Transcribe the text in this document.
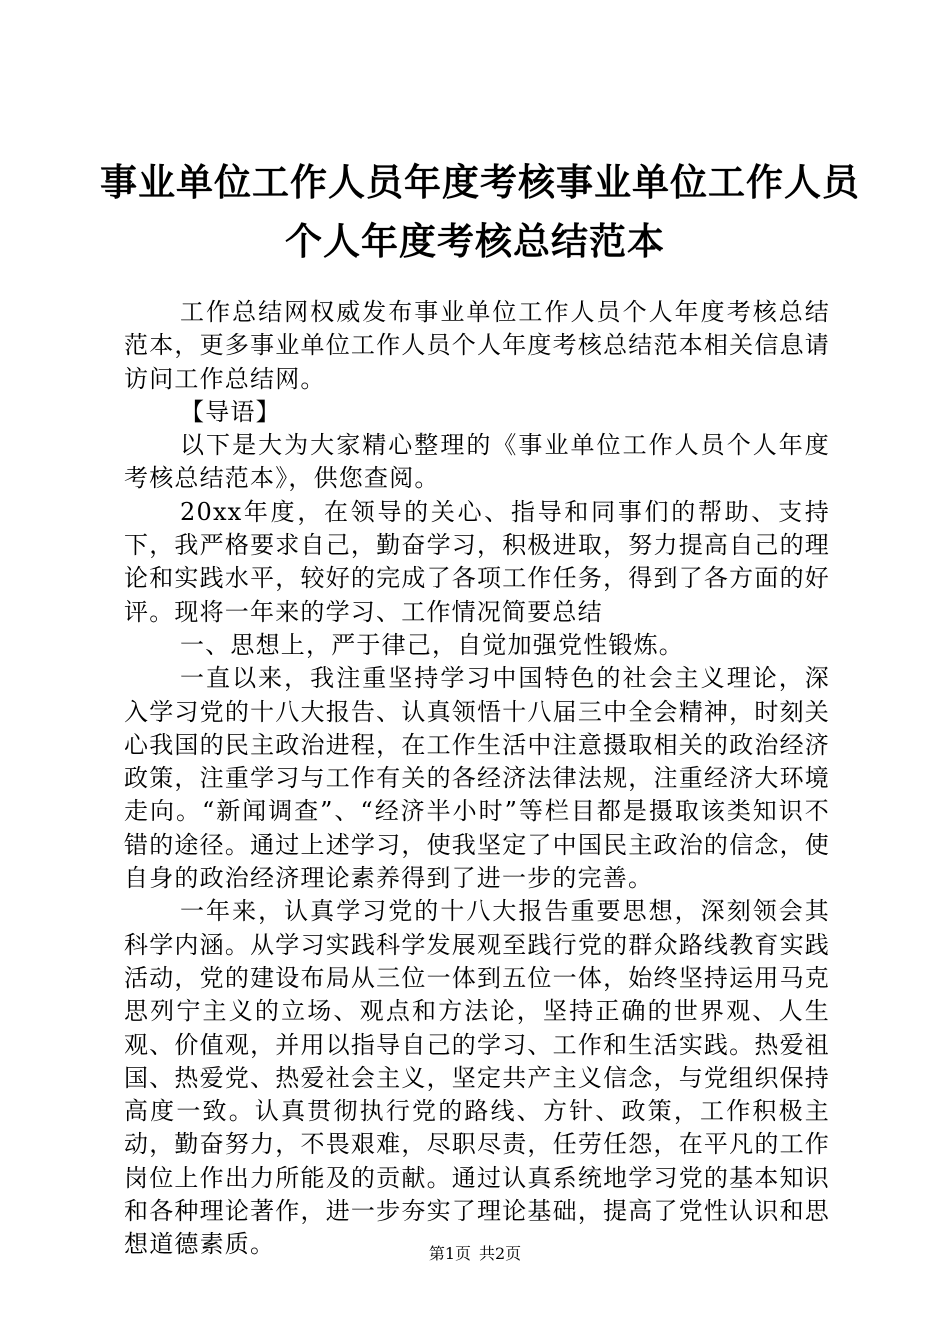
事业单位工作人员年度考核事业单位工作人员
个人年度考核总结范本

工作总结网权威发布事业单位工作人员个人年度考核总结范本，更多事业单位工作人员个人年度考核总结范本相关信息请访问工作总结网。

【导语】

以下是大为大家精心整理的《事业单位工作人员个人年度考核总结范本》，供您查阅。

20xx年度，在领导的关心、指导和同事们的帮助、支持下，我严格要求自己，勤奋学习，积极进取，努力提高自己的理论和实践水平，较好的完成了各项工作任务，得到了各方面的好评。现将一年来的学习、工作情况简要总结

一、思想上，严于律己，自觉加强党性锻炼。

一直以来，我注重坚持学习中国特色的社会主义理论，深入学习党的十八大报告、认真领悟十八届三中全会精神，时刻关心我国的民主政治进程，在工作生活中注意摄取相关的政治经济政策，注重学习与工作有关的各经济法律法规，注重经济大环境走向。“新闻调查”、“经济半小时”等栏目都是摄取该类知识不错的途径。通过上述学习，使我坚定了中国民主政治的信念，使自身的政治经济理论素养得到了进一步的完善。

一年来，认真学习党的十八大报告重要思想，深刻领会其科学内涵。从学习实践科学发展观至践行党的群众路线教育实践活动，党的建设布局从三位一体到五位一体，始终坚持运用马克思列宁主义的立场、观点和方法论，坚持正确的世界观、人生观、价值观，并用以指导自己的学习、工作和生活实践。热爱祖国、热爱党、热爱社会主义，坚定共产主义信念，与党组织保持高度一致。认真贯彻执行党的路线、方针、政策，工作积极主动，勤奋努力，不畏艰难，尽职尽责，任劳任怨，在平凡的工作岗位上作出力所能及的贡献。通过认真系统地学习党的基本知识和各种理论著作，进一步夯实了理论基础，提高了党性认识和思想道德素质。	第1页 共2页
